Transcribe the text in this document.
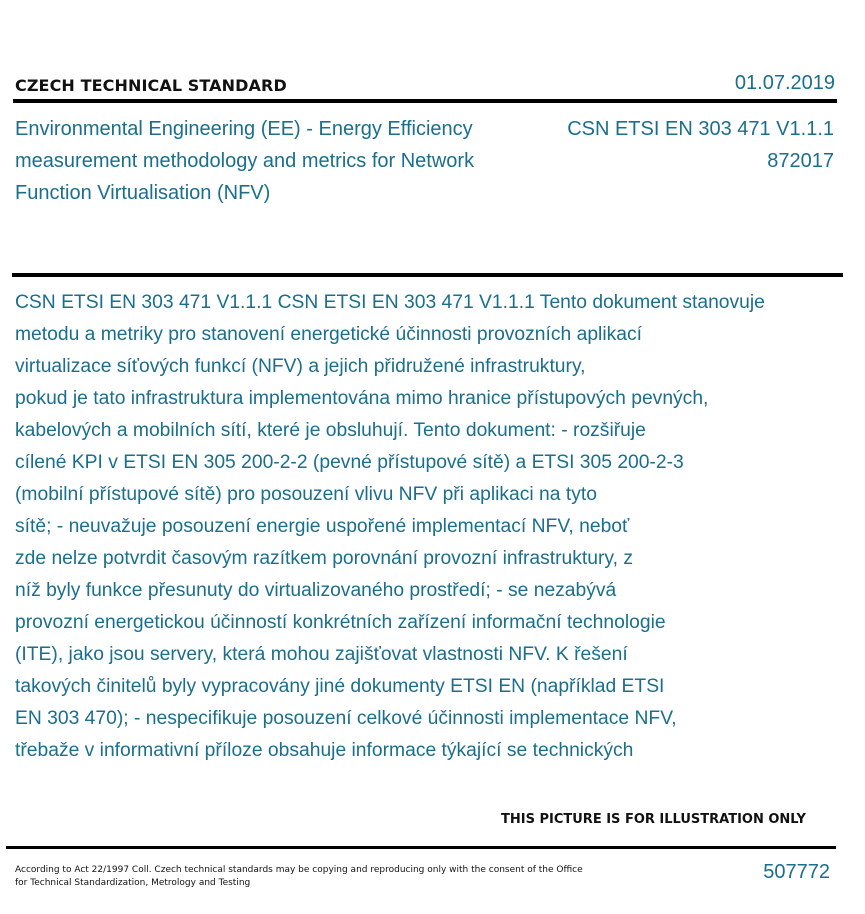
CZECH TECHNICAL STANDARD	01.07.2019
Environmental Engineering (EE) - Energy Efficiency
measurement methodology and metrics for Network
Function Virtualisation (NFV)
CSN ETSI EN 303 471 V1.1.1
872017
CSN ETSI EN 303 471 V1.1.1 CSN ETSI EN 303 471 V1.1.1 Tento dokument stanovuje
metodu a metriky pro stanovení energetické účinnosti provozních aplikací
virtualizace síťových funkcí (NFV) a jejich přidružené infrastruktury,
pokud je tato infrastruktura implementována mimo hranice přístupových pevných,
kabelových a mobilních sítí, které je obsluhují. Tento dokument: - rozšiřuje
cílené KPI v ETSI EN 305 200-2-2 (pevné přístupové sítě) a ETSI 305 200-2-3
(mobilní přístupové sítě) pro posouzení vlivu NFV při aplikaci na tyto
sítě; - neuvažuje posouzení energie uspořené implementací NFV, neboť
zde nelze potvrdit časovým razítkem porovnání provozní infrastruktury, z
níž byly funkce přesunuty do virtualizovaného prostředí; - se nezabývá
provozní energetickou účinností konkrétních zařízení informační technologie
(ITE), jako jsou servery, která mohou zajišťovat vlastnosti NFV. K řešení
takových činitelů byly vypracovány jiné dokumenty ETSI EN (například ETSI
EN 303 470); - nespecifikuje posouzení celkové účinnosti implementace NFV,
třebaže v informativní příloze obsahuje informace týkající se technických
THIS PICTURE IS FOR ILLUSTRATION ONLY
According to Act 22/1997 Coll. Czech technical standards may be copying and reproducing only with the consent of the Office
for Technical Standardization, Metrology and Testing	507772
